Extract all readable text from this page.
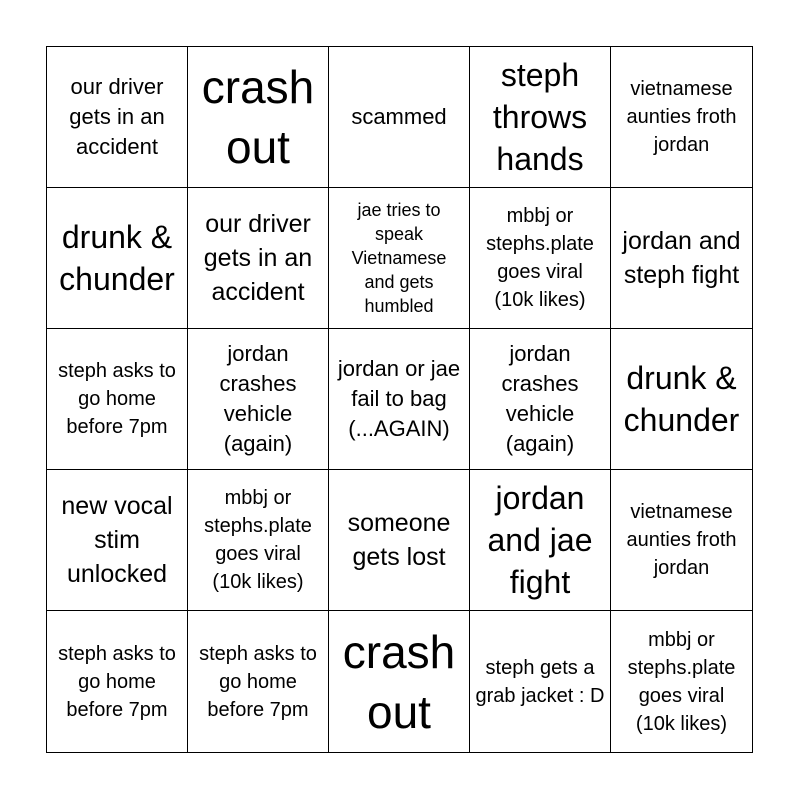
our driver gets in an accident
crash out
scammed
steph throws hands
vietnamese aunties froth jordan
drunk & chunder
our driver gets in an accident
jae tries to speak Vietnamese and gets humbled
mbbj or stephs.plate goes viral (10k likes)
jordan and steph fight
steph asks to go home before 7pm
jordan crashes vehicle (again)
jordan or jae fail to bag (...AGAIN)
jordan crashes vehicle (again)
drunk & chunder
new vocal stim unlocked
mbbj or stephs.plate goes viral (10k likes)
someone gets lost
jordan and jae fight
vietnamese aunties froth jordan
steph asks to go home before 7pm
steph asks to go home before 7pm
crash out
steph gets a grab jacket : D
mbbj or stephs.plate goes viral (10k likes)
